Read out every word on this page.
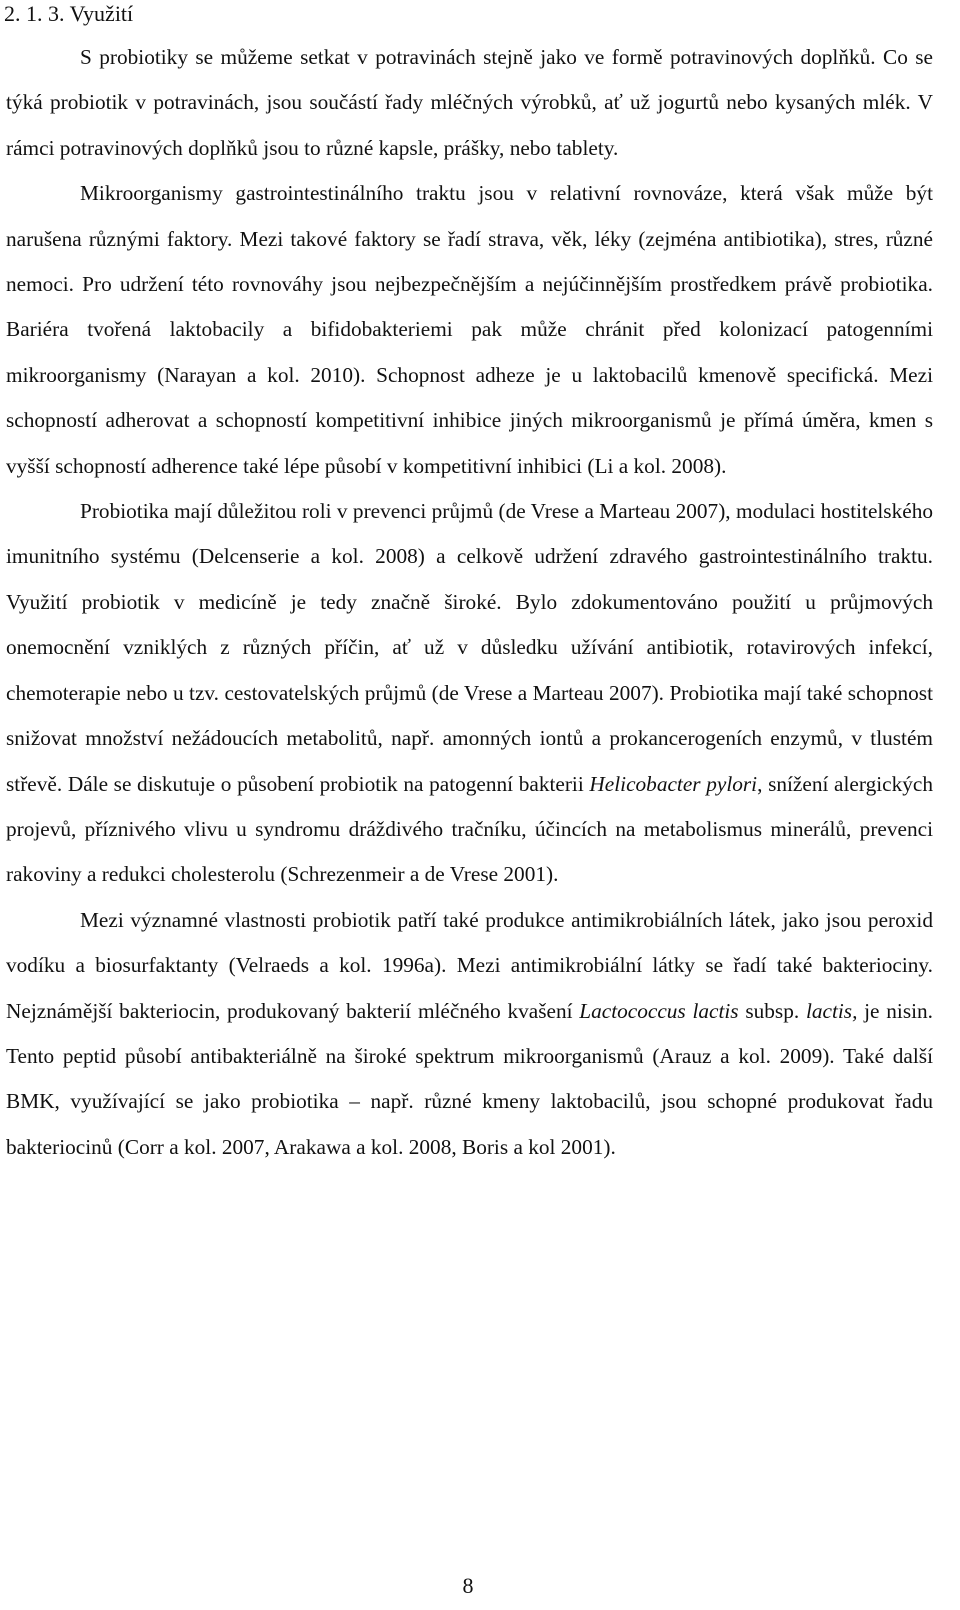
2. 1. 3. Využití

S probiotiky se můžeme setkat v potravinách stejně jako ve formě potravinových doplňků. Co se týká probiotik v potravinách, jsou součástí řady mléčných výrobků, ať už jogurtů nebo kysaných mlék. V rámci potravinových doplňků jsou to různé kapsle, prášky, nebo tablety.

Mikroorganismy gastrointestinálního traktu jsou v relativní rovnováze, která však může být narušena různými faktory. Mezi takové faktory se řadí strava, věk, léky (zejména antibiotika), stres, různé nemoci. Pro udržení této rovnováhy jsou nejbezpečnějším a nejúčinnějším prostředkem právě probiotika. Bariéra tvořená laktobacily a bifidobakteriemi pak může chránit před kolonizací patogenními mikroorganismy (Narayan a kol. 2010). Schopnost adheze je u laktobacilů kmenově specifická. Mezi schopností adherovat a schopností kompetitivní inhibice jiných mikroorganismů je přímá úměra, kmen s vyšší schopností adherence také lépe působí v kompetitivní inhibici (Li a kol. 2008).

Probiotika mají důležitou roli v prevenci průjmů (de Vrese a Marteau 2007), modulaci hostitelského imunitního systému (Delcenserie a kol. 2008) a celkově udržení zdravého gastrointestinálního traktu. Využití probiotik v medicíně je tedy značně široké. Bylo zdokumentováno použití u průjmových onemocnění vzniklých z různých příčin, ať už v důsledku užívání antibiotik, rotavirových infekcí, chemoterapie nebo u tzv. cestovatelských průjmů (de Vrese a Marteau 2007). Probiotika mají také schopnost snižovat množství nežádoucích metabolitů, např. amonných iontů a prokancerogeních enzymů, v tlustém střevě. Dále se diskutuje o působení probiotik na patogenní bakterii Helicobacter pylori, snížení alergických projevů, příznivého vlivu u syndromu dráždivého tračníku, účincích na metabolismus minerálů, prevenci rakoviny a redukci cholesterolu (Schrezenmeir a de Vrese 2001).

Mezi významné vlastnosti probiotik patří také produkce antimikrobiálních látek, jako jsou peroxid vodíku a biosurfaktanty (Velraeds a kol. 1996a). Mezi antimikrobiální látky se řadí také bakteriociny. Nejznámější bakteriocin, produkovaný bakterií mléčného kvašení Lactococcus lactis subsp. lactis, je nisin. Tento peptid působí antibakteriálně na široké spektrum mikroorganismů (Arauz a kol. 2009). Také další BMK, využívající se jako probiotika – např. různé kmeny laktobacilů, jsou schopné produkovat řadu bakteriocinů (Corr a kol. 2007, Arakawa a kol. 2008, Boris a kol 2001).

8
